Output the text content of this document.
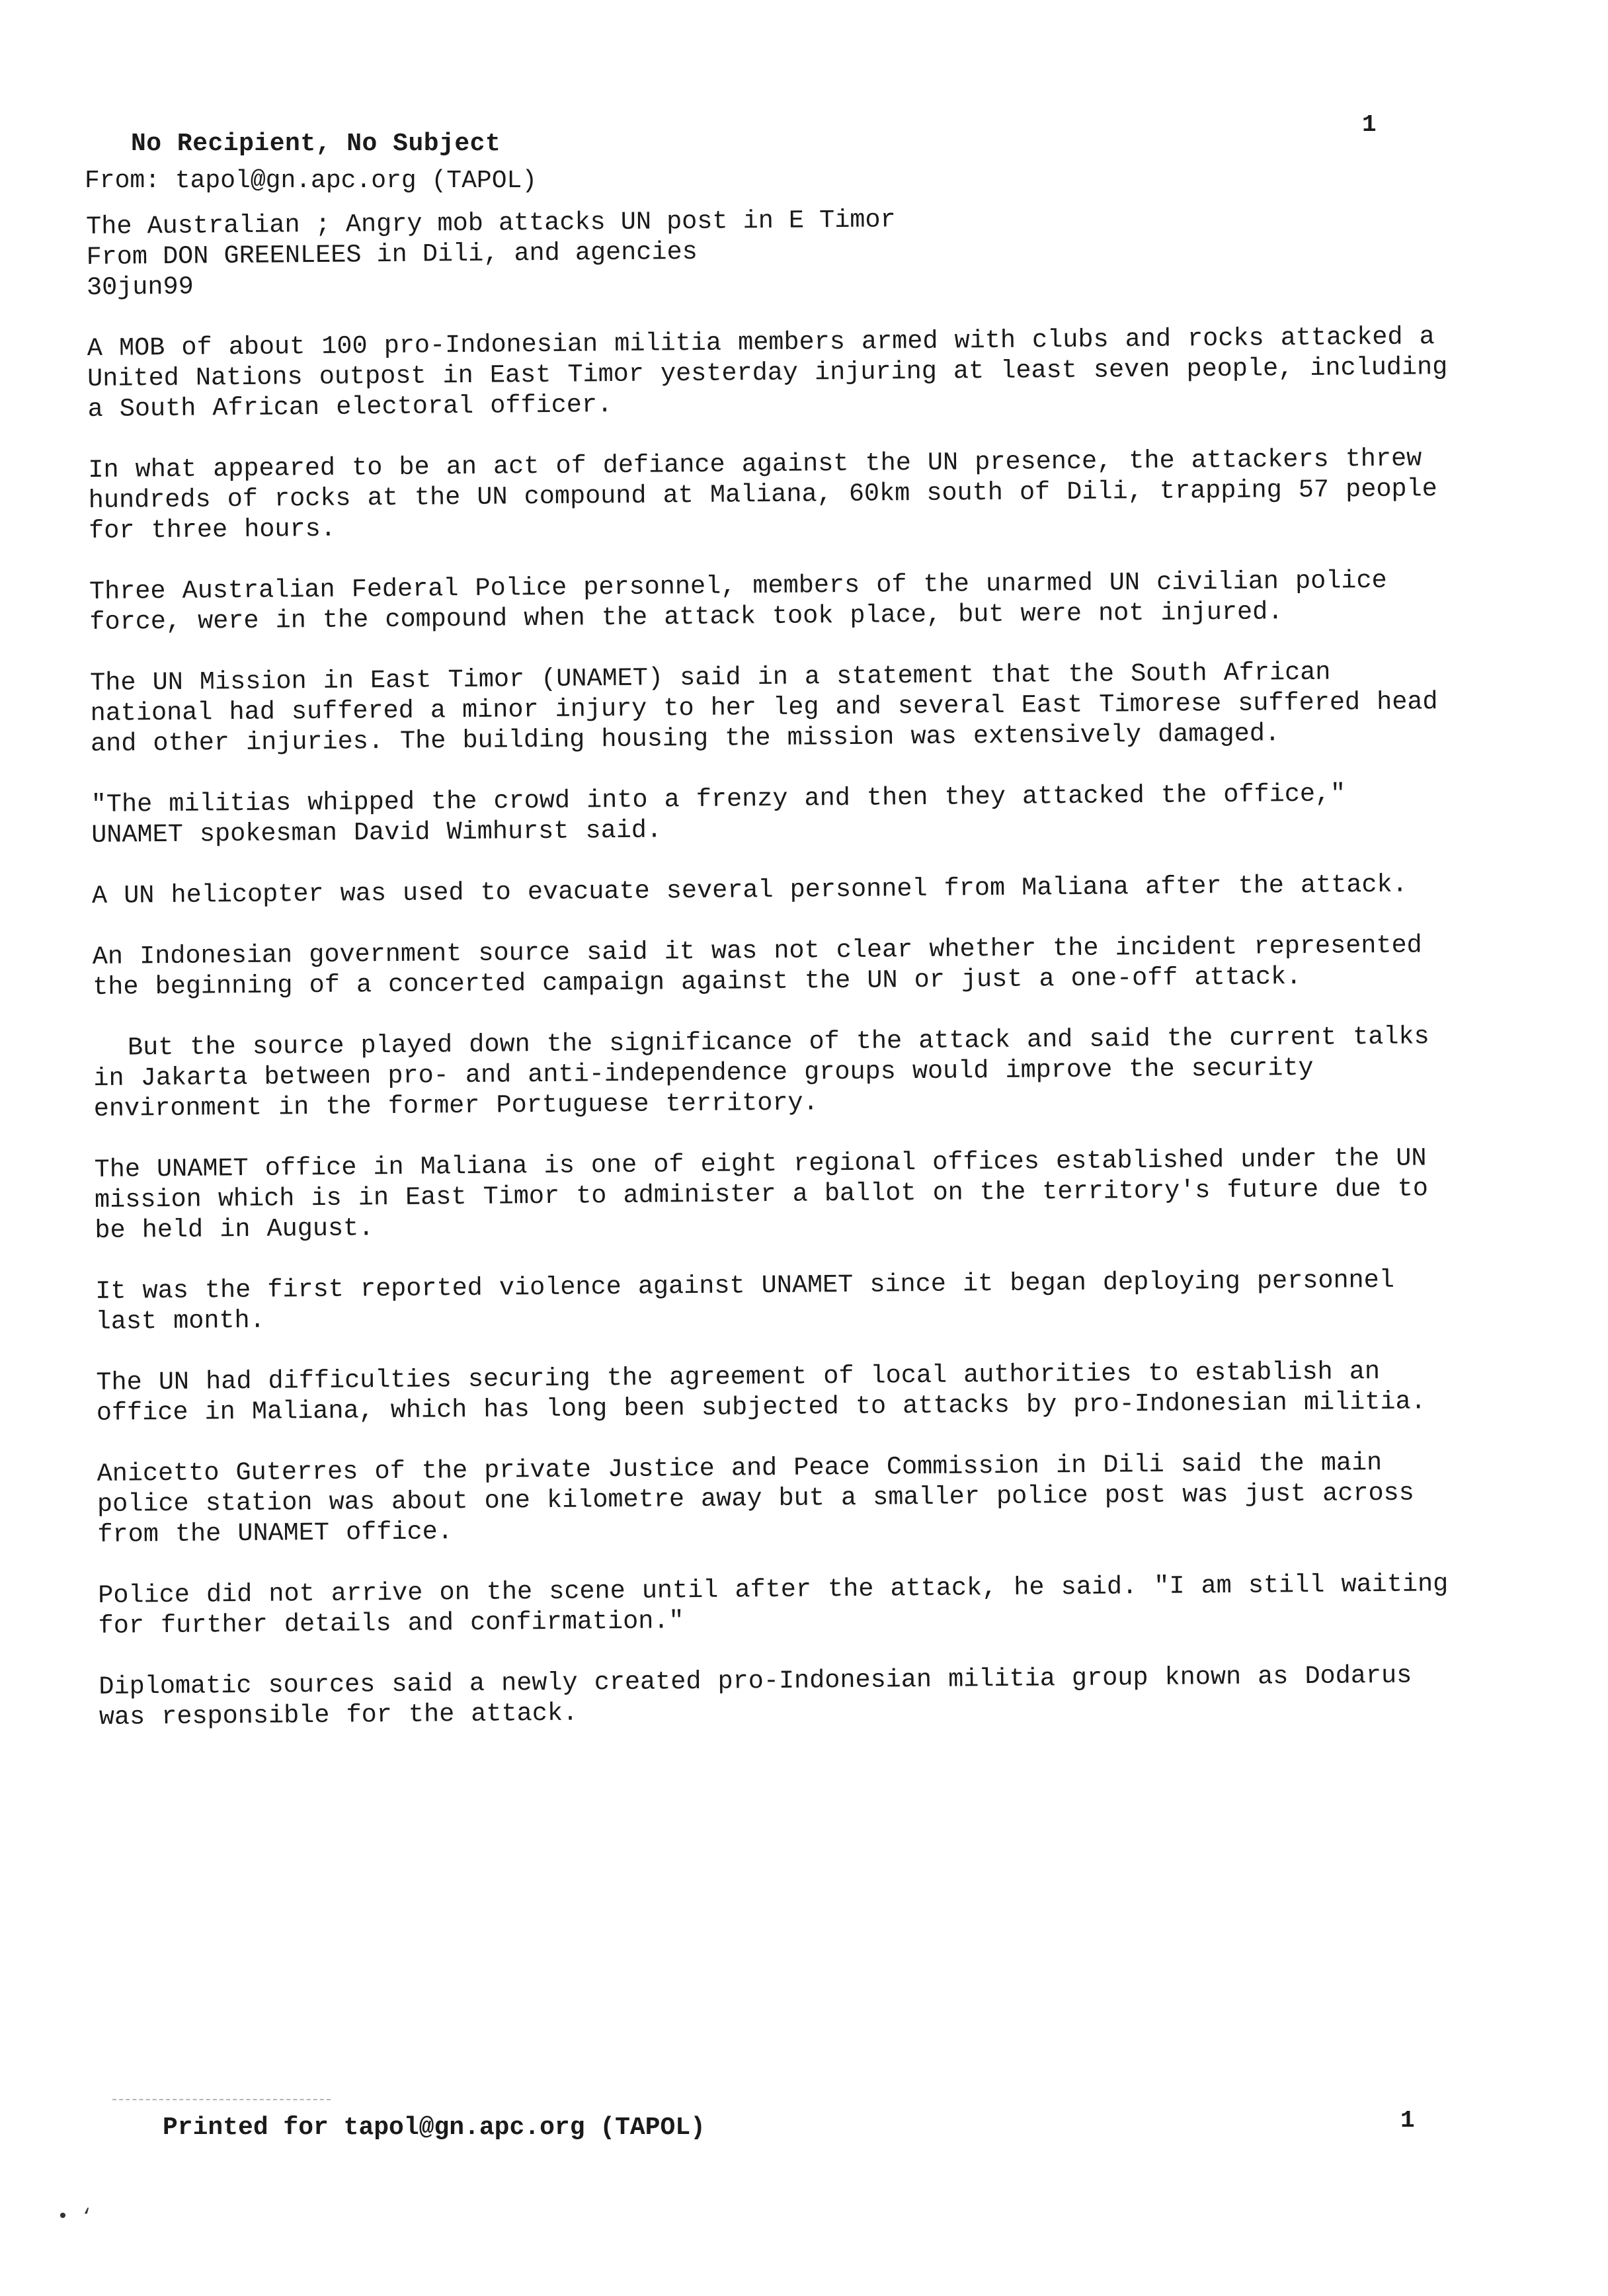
1
No Recipient, No Subject
From: tapol@gn.apc.org (TAPOL)

The Australian ; Angry mob attacks UN post in E Timor

From DON GREENLEES in Dili, and agencies

30jun99

A MOB of about 100 pro-Indonesian militia members armed with clubs and rocks attacked a United Nations outpost in East Timor yesterday injuring at least seven people, including a South African electoral officer.

In what appeared to be an act of defiance against the UN presence, the attackers threw hundreds of rocks at the UN compound at Maliana, 60km south of Dili, trapping 57 people for three hours.

Three Australian Federal Police personnel, members of the unarmed UN civilian police force, were in the compound when the attack took place, but were not injured.

The UN Mission in East Timor (UNAMET) said in a statement that the South African national had suffered a minor injury to her leg and several East Timorese suffered head and other injuries. The building housing the mission was extensively damaged.

"The militias whipped the crowd into a frenzy and then they attacked the office," UNAMET spokesman David Wimhurst said.

A UN helicopter was used to evacuate several personnel from Maliana after the attack.

An Indonesian government source said it was not clear whether the incident represented the beginning of a concerted campaign against the UN or just a one-off attack.

But the source played down the significance of the attack and said the current talks in Jakarta between pro- and anti-independence groups would improve the security environment in the former Portuguese territory.

The UNAMET office in Maliana is one of eight regional offices established under the UN mission which is in East Timor to administer a ballot on the territory's future due to be held in August.

It was the first reported violence against UNAMET since it began deploying personnel last month.

The UN had difficulties securing the agreement of local authorities to establish an office in Maliana, which has long been subjected to attacks by pro-Indonesian militia.

Anicetto Guterres of the private Justice and Peace Commission in Dili said the main police station was about one kilometre away but a smaller police post was just across from the UNAMET office.

Police did not arrive on the scene until after the attack, he said. "I am still waiting for further details and confirmation."

Diplomatic sources said a newly created pro-Indonesian militia group known as Dodarus was responsible for the attack.

Printed for tapol@gn.apc.org (TAPOL)	1
• ‘
